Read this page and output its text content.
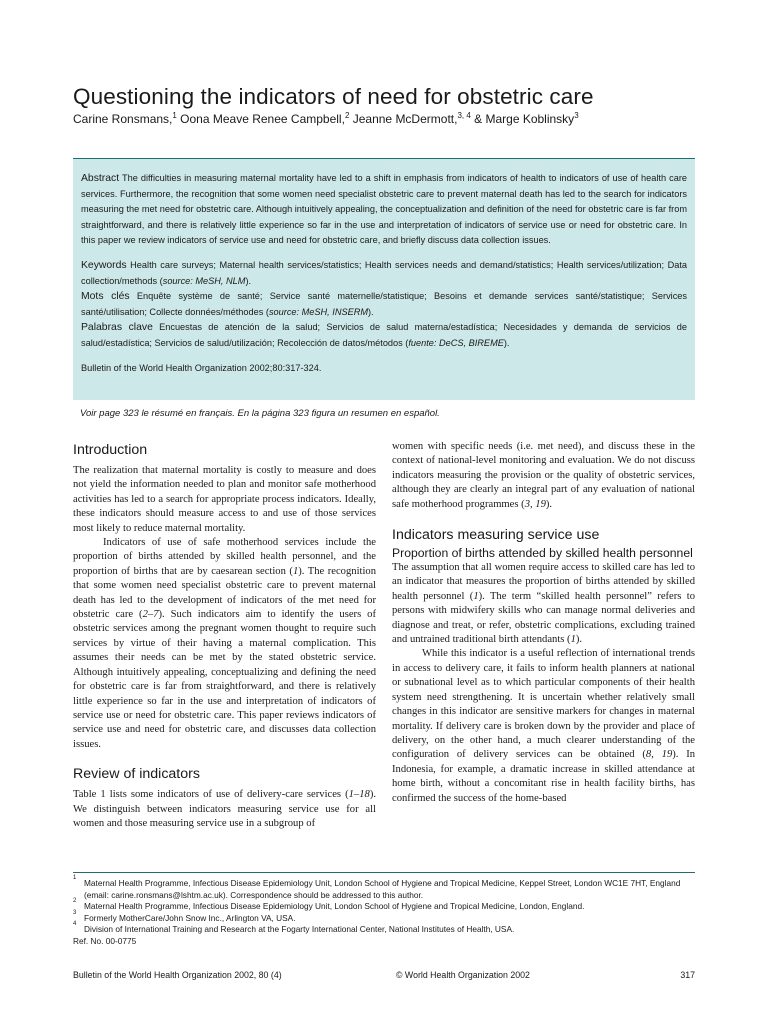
Questioning the indicators of need for obstetric care
Carine Ronsmans,$^1$ Oona Meave Renee Campbell,$^2$ Jeanne McDermott,$^{3, 4}$ & Marge Koblinsky$^3$

Abstract The difficulties in measuring maternal mortality have led to a shift in emphasis from indicators of health to indicators of use of health care services. Furthermore, the recognition that some women need specialist obstetric care to prevent maternal death has led to the search for indicators measuring the met need for obstetric care. Although intuitively appealing, the conceptualization and definition of the need for obstetric care is far from straightforward, and there is relatively little experience so far in the use and interpretation of indicators of service use or need for obstetric care. In this paper we review indicators of service use and need for obstetric care, and briefly discuss data collection issues.

Keywords Health care surveys; Maternal health services/statistics; Health services needs and demand/statistics; Health services/utilization; Data collection/methods (source: MeSH, NLM).

Mots clés Enquête système de santé; Service santé maternelle/statistique; Besoins et demande services santé/statistique; Services santé/utilisation; Collecte données/méthodes (source: MeSH, INSERM).

Palabras clave Encuestas de atención de la salud; Servicios de salud materna/estadística; Necesidades y demanda de servicios de salud/estadística; Servicios de salud/utilización; Recolección de datos/métodos (fuente: DeCS, BIREME).

Bulletin of the World Health Organization 2002;80:317-324.

Voir page 323 le résumé en français. En la página 323 figura un resumen en español.
Introduction

The realization that maternal mortality is costly to measure and does not yield the information needed to plan and monitor safe motherhood activities has led to a search for appropriate process indicators. Ideally, these indicators should measure access to and use of those services most likely to reduce maternal mortality.

Indicators of use of safe motherhood services include the proportion of births attended by skilled health personnel, and the proportion of births that are by caesarean section (1). The recognition that some women need specialist obstetric care to prevent maternal death has led to the development of indicators of the met need for obstetric care (2–7). Such indicators aim to identify the users of obstetric services among the pregnant women thought to require such services by virtue of their having a maternal complication. This assumes their needs can be met by the stated obstetric service. Although intuitively appealing, conceptualizing and defining the need for obstetric care is far from straightforward, and there is relatively little experience so far in the use and interpretation of indicators of service use or need for obstetric care. This paper reviews indicators of service use and need for obstetric care, and discusses data collection issues.

Review of indicators

Table 1 lists some indicators of use of delivery-care services (1–18). We distinguish between indicators measuring service use for all women and those measuring service use in a subgroup of

women with specific needs (i.e. met need), and discuss these in the context of national-level monitoring and evaluation. We do not discuss indicators measuring the provision or the quality of obstetric services, although they are clearly an integral part of any evaluation of national safe motherhood programmes (3, 19).

Indicators measuring service use
Proportion of births attended by skilled health personnel

The assumption that all women require access to skilled care has led to an indicator that measures the proportion of births attended by skilled health personnel (1). The term “skilled health personnel” refers to persons with midwifery skills who can manage normal deliveries and diagnose and treat, or refer, obstetric complications, excluding trained and untrained traditional birth attendants (1).

While this indicator is a useful reflection of international trends in access to delivery care, it fails to inform health planners at national or subnational level as to which particular components of their health system need strengthening. It is uncertain whether relatively small changes in this indicator are sensitive markers for changes in maternal mortality. If delivery care is broken down by the provider and place of delivery, on the other hand, a much clearer understanding of the configuration of delivery services can be obtained (8, 19). In Indonesia, for example, a dramatic increase in skilled attendance at home birth, without a concomitant rise in health facility births, has confirmed the success of the home-based

$^1$ Maternal Health Programme, Infectious Disease Epidemiology Unit, London School of Hygiene and Tropical Medicine, Keppel Street, London WC1E 7HT, England (email: carine.ronsmans@lshtm.ac.uk). Correspondence should be addressed to this author.

$^2$ Maternal Health Programme, Infectious Disease Epidemiology Unit, London School of Hygiene and Tropical Medicine, London, England.

$^3$ Formerly MotherCare/John Snow Inc., Arlington VA, USA.

$^4$ Division of International Training and Research at the Fogarty International Center, National Institutes of Health, USA.

Ref. No. 00-0775

Bulletin of the World Health Organization 2002, 80 (4)	© World Health Organization 2002	317
